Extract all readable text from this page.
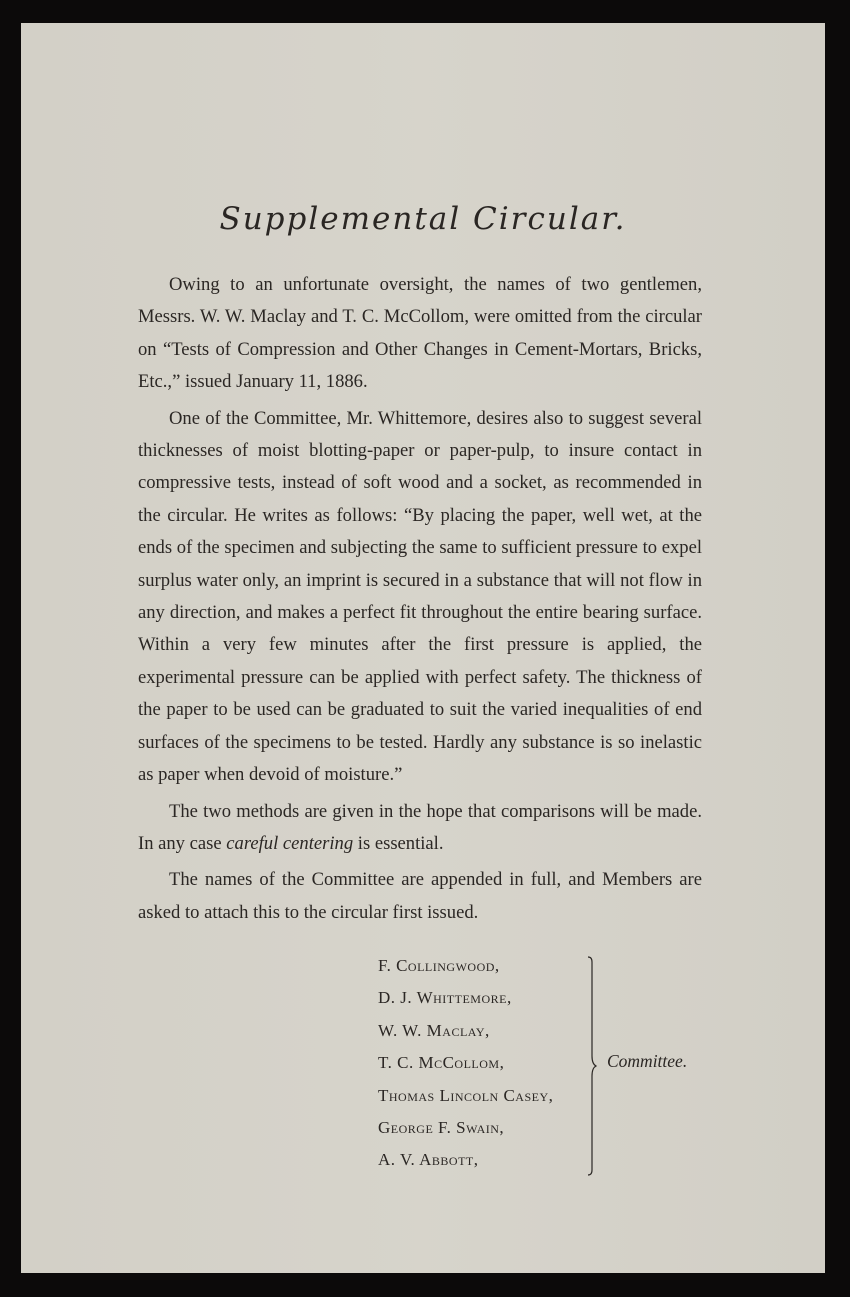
Supplemental Circular.

Owing to an unfortunate oversight, the names of two gentlemen, Messrs. W. W. Maclay and T. C. McCollom, were omitted from the circular on “Tests of Compression and Other Changes in Cement-Mortars, Bricks, Etc.,” issued January 11, 1886.

One of the Committee, Mr. Whittemore, desires also to suggest several thicknesses of moist blotting-paper or paper-pulp, to insure contact in compressive tests, instead of soft wood and a socket, as recommended in the circular. He writes as follows: “By placing the paper, well wet, at the ends of the specimen and subjecting the same to sufficient pressure to expel surplus water only, an imprint is secured in a substance that will not flow in any direction, and makes a perfect fit throughout the entire bearing surface. Within a very few minutes after the first pressure is applied, the experimental pressure can be applied with perfect safety. The thickness of the paper to be used can be graduated to suit the varied inequalities of end surfaces of the specimens to be tested. Hardly any substance is so inelastic as paper when devoid of moisture.”

The two methods are given in the hope that comparisons will be made. In any case careful centering is essential.

The names of the Committee are appended in full, and Members are asked to attach this to the circular first issued.

F. Collingwood,
D. J. Whittemore,
W. W. Maclay,
T. C. McCollom,
Thomas Lincoln Casey,
George F. Swain,
A. V. Abbott,
Committee.
